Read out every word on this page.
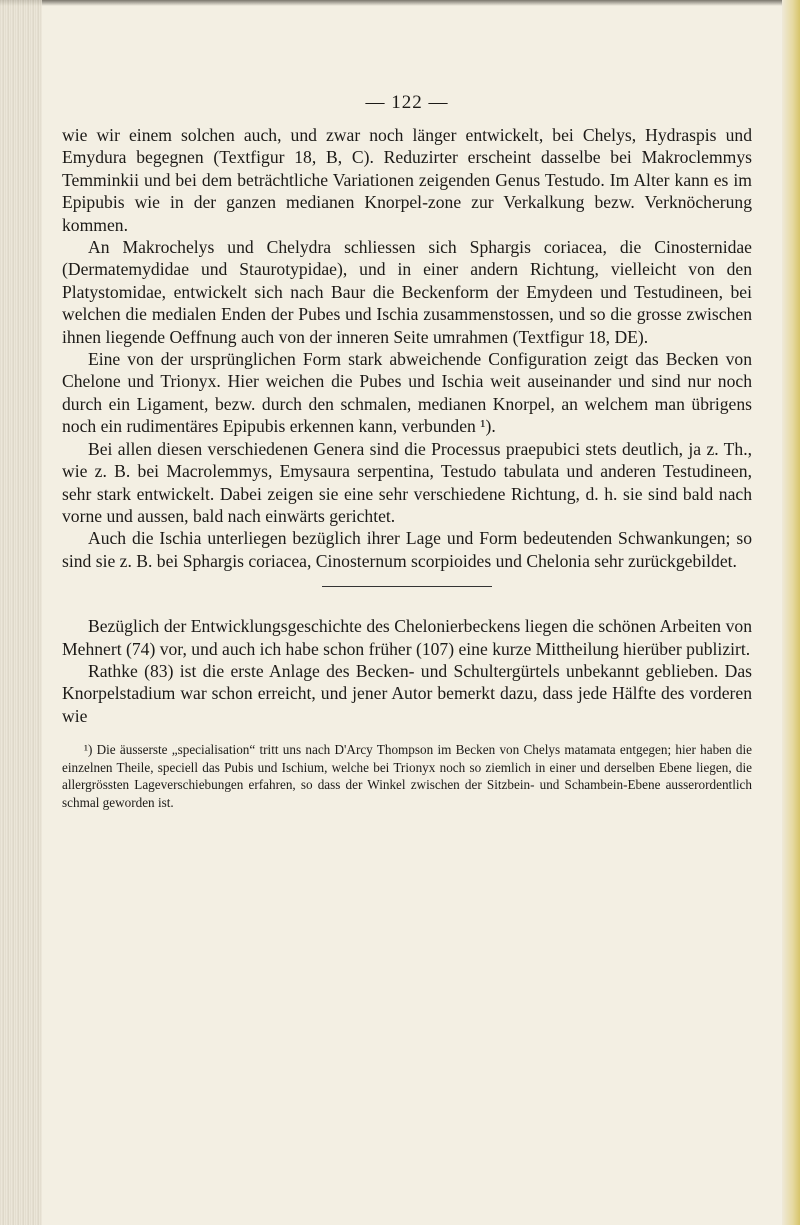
— 122 —

wie wir einem solchen auch, und zwar noch länger entwickelt, bei Chelys, Hydraspis und Emydura begegnen (Textfigur 18, B, C). Reduzirter erscheint dasselbe bei Makroclemmys Temminkii und bei dem beträchtliche Variationen zeigenden Genus Testudo. Im Alter kann es im Epipubis wie in der ganzen medianen Knorpel-zone zur Verkalkung bezw. Verknöcherung kommen.

An Makrochelys und Chelydra schliessen sich Sphargis coriacea, die Cinosternidae (Dermatemydidae und Staurotypidae), und in einer andern Richtung, vielleicht von den Platystomidae, entwickelt sich nach Baur die Beckenform der Emydeen und Testudineen, bei welchen die medialen Enden der Pubes und Ischia zusammenstossen, und so die grosse zwischen ihnen liegende Oeffnung auch von der inneren Seite umrahmen (Textfigur 18, DE).

Eine von der ursprünglichen Form stark abweichende Configuration zeigt das Becken von Chelone und Trionyx. Hier weichen die Pubes und Ischia weit auseinander und sind nur noch durch ein Ligament, bezw. durch den schmalen, medianen Knorpel, an welchem man übrigens noch ein rudimentäres Epipubis erkennen kann, verbunden ¹).

Bei allen diesen verschiedenen Genera sind die Processus praepubici stets deutlich, ja z. Th., wie z. B. bei Macrolemmys, Emysaura serpentina, Testudo tabulata und anderen Testudineen, sehr stark entwickelt. Dabei zeigen sie eine sehr verschiedene Richtung, d. h. sie sind bald nach vorne und aussen, bald nach einwärts gerichtet.

Auch die Ischia unterliegen bezüglich ihrer Lage und Form bedeutenden Schwankungen; so sind sie z. B. bei Sphargis coriacea, Cinosternum scorpioides und Chelonia sehr zurückgebildet.

Bezüglich der Entwicklungsgeschichte des Chelonierbeckens liegen die schönen Arbeiten von Mehnert (74) vor, und auch ich habe schon früher (107) eine kurze Mittheilung hierüber publizirt.

Rathke (83) ist die erste Anlage des Becken- und Schultergürtels unbekannt geblieben. Das Knorpelstadium war schon erreicht, und jener Autor bemerkt dazu, dass jede Hälfte des vorderen wie

¹) Die äusserste „specialisation“ tritt uns nach D'Arcy Thompson im Becken von Chelys matamata entgegen; hier haben die einzelnen Theile, speciell das Pubis und Ischium, welche bei Trionyx noch so ziemlich in einer und derselben Ebene liegen, die allergrössten Lageverschiebungen erfahren, so dass der Winkel zwischen der Sitzbein- und Schambein-Ebene ausserordentlich schmal geworden ist.
